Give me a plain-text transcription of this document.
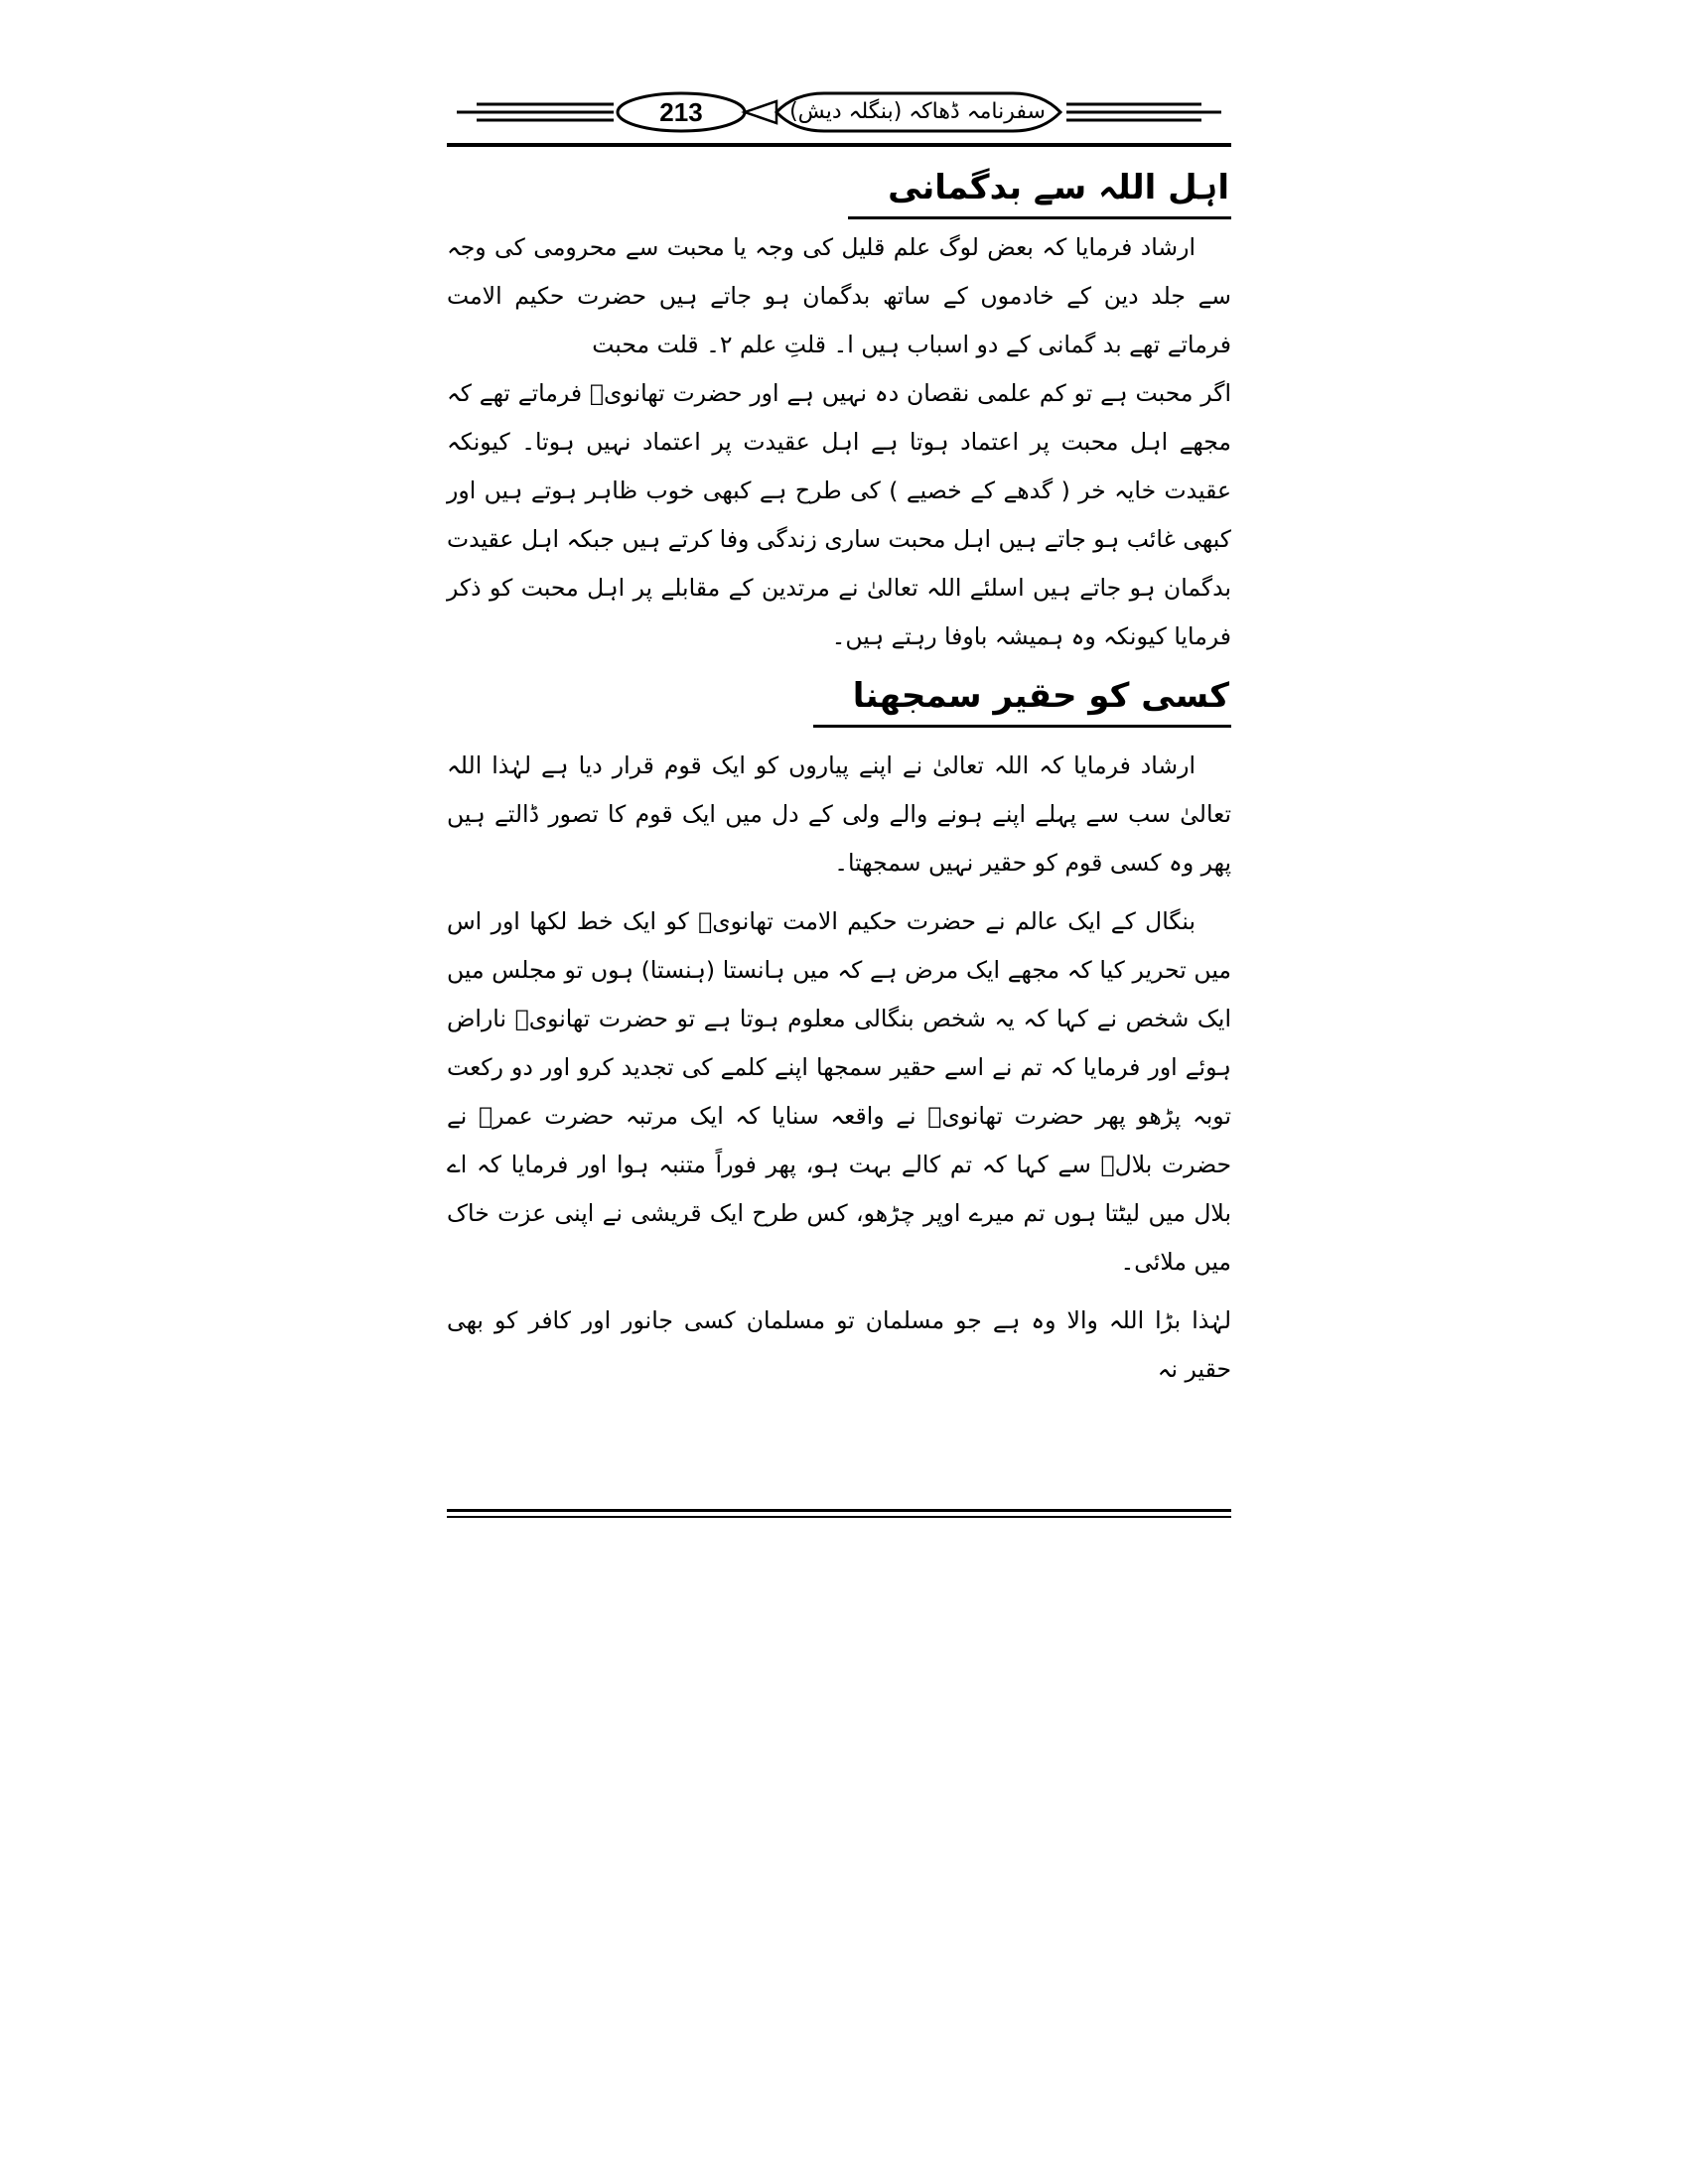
213	سفرنامہ ڈھاکہ (بنگلہ دیش)
اہل اللہ سے بدگمانی

ارشاد فرمایا کہ بعض لوگ علم قلیل کی وجہ یا محبت سے محرومی کی وجہ سے جلد دین کے خادموں کے ساتھ بدگمان ہو جاتے ہیں حضرت حکیم الامت فرماتے تھے بد گمانی کے دو اسباب ہیں ا۔ قلتِ علم ۲۔ قلت محبت

اگر محبت ہے تو کم علمی نقصان دہ نہیں ہے اور حضرت تھانویؒ فرماتے تھے کہ مجھے اہل محبت پر اعتماد ہوتا ہے اہل عقیدت پر اعتماد نہیں ہوتا۔ کیونکہ عقیدت خایہ خر ( گدھے کے خصیے ) کی طرح ہے کبھی خوب ظاہر ہوتے ہیں اور کبھی غائب ہو جاتے ہیں اہل محبت ساری زندگی وفا کرتے ہیں جبکہ اہل عقیدت بدگمان ہو جاتے ہیں اسلئے اللہ تعالیٰ نے مرتدین کے مقابلے پر اہل محبت کو ذکر فرمایا کیونکہ وہ ہمیشہ باوفا رہتے ہیں۔

کسی کو حقیر سمجھنا

ارشاد فرمایا کہ اللہ تعالیٰ نے اپنے پیاروں کو ایک قوم قرار دیا ہے لہٰذا اللہ تعالیٰ سب سے پہلے اپنے ہونے والے ولی کے دل میں ایک قوم کا تصور ڈالتے ہیں پھر وہ کسی قوم کو حقیر نہیں سمجھتا۔

بنگال کے ایک عالم نے حضرت حکیم الامت تھانویؒ کو ایک خط لکھا اور اس میں تحریر کیا کہ مجھے ایک مرض ہے کہ میں ہانستا (ہنستا) ہوں تو مجلس میں ایک شخص نے کہا کہ یہ شخص بنگالی معلوم ہوتا ہے تو حضرت تھانویؒ ناراض ہوئے اور فرمایا کہ تم نے اسے حقیر سمجھا اپنے کلمے کی تجدید کرو اور دو رکعت توبہ پڑھو پھر حضرت تھانویؒ نے واقعہ سنایا کہ ایک مرتبہ حضرت عمرؓ نے حضرت بلالؓ سے کہا کہ تم کالے بہت ہو، پھر فوراً متنبہ ہوا اور فرمایا کہ اے بلال میں لیٹتا ہوں تم میرے اوپر چڑھو، کس طرح ایک قریشی نے اپنی عزت خاک میں ملائی۔

لہٰذا بڑا اللہ والا وہ ہے جو مسلمان تو مسلمان کسی جانور اور کافر کو بھی حقیر نہ
